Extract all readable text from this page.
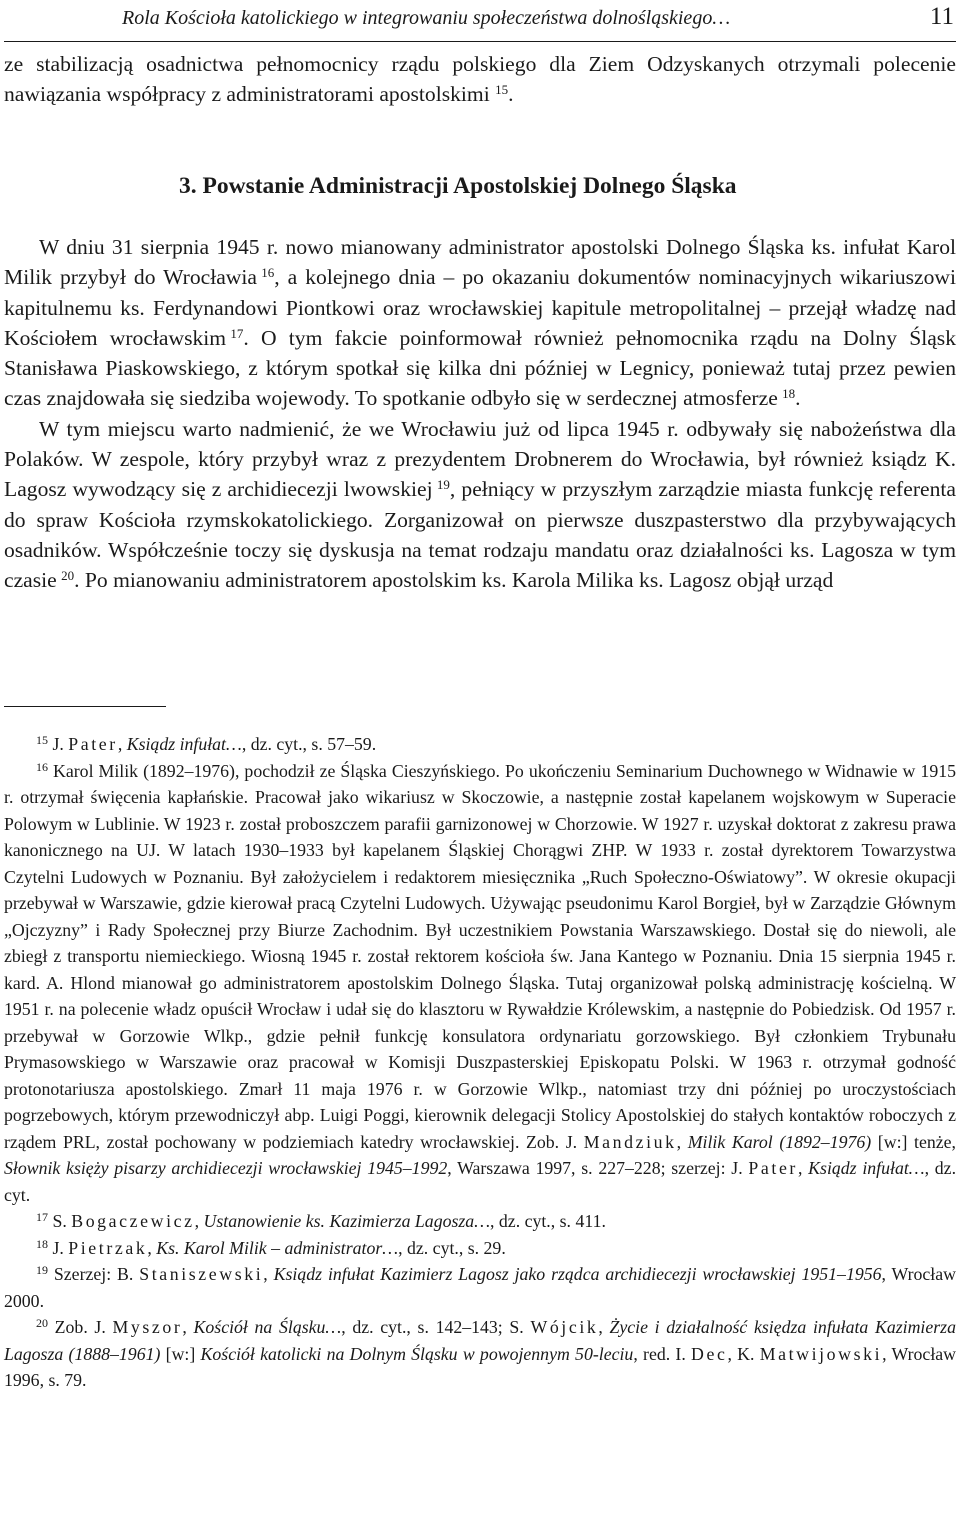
Rola Kościoła katolickiego w integrowaniu społeczeństwa dolnośląskiego…	11

ze stabilizacją osadnictwa pełnomocnicy rządu polskiego dla Ziem Odzyskanych otrzymali polecenie nawiązania współpracy z administratorami apostolskimi $^{15}$.

3. Powstanie Administracji Apostolskiej Dolnego Śląska

W dniu 31 sierpnia 1945 r. nowo mianowany administrator apostolski Dolnego Śląska ks. infułat Karol Milik przybył do Wrocławia  $^{16}$, a kolejnego dnia – po okazaniu dokumentów nominacyjnych wikariuszowi kapitulnemu ks. Ferdynandowi Piontkowi oraz wrocławskiej kapitule metropolitalnej – przejął władzę nad Kościołem wrocławskim  $^{17}$. O tym fakcie poinformował również pełnomocnika rządu na Dolny Śląsk Stanisława Piaskowskiego, z którym spotkał się kilka dni później w Legnicy, ponieważ tutaj przez pewien czas znajdowała się siedziba wojewody. To spotkanie odbyło się w serdecznej atmosferze  $^{18}$.

W tym miejscu warto nadmienić, że we Wrocławiu już od lipca 1945 r. odbywały się nabożeństwa dla Polaków. W zespole, który przybył wraz z prezydentem Drobnerem do Wrocławia, był również ksiądz K. Lagosz wywodzący się z archidiecezji lwowskiej  $^{19}$, pełniący w przyszłym zarządzie miasta funkcję referenta do spraw Kościoła rzymskokatolickiego. Zorganizował on pierwsze duszpasterstwo dla przybywających osadników. Współcześnie toczy się dyskusja na temat rodzaju mandatu oraz działalności ks. Lagosza w tym czasie  $^{20}$. Po mianowaniu administratorem apostolskim ks. Karola Milika ks. Lagosz objął urząd

$^{15}$ J. Pater, Ksiądz infułat…, dz. cyt., s. 57–59.

$^{16}$ Karol Milik (1892–1976), pochodził ze Śląska Cieszyńskiego. Po ukończeniu Seminarium Duchownego w Widnawie w 1915 r. otrzymał święcenia kapłańskie. Pracował jako wikariusz w Skoczowie, a następnie został kapelanem wojskowym w Superacie Polowym w Lublinie. W 1923 r. został proboszczem parafii garnizonowej w Chorzowie. W 1927 r. uzyskał doktorat z zakresu prawa kanonicznego na UJ. W latach 1930–1933 był kapelanem Śląskiej Chorągwi ZHP. W 1933 r. został dyrektorem Towarzystwa Czytelni Ludowych w Poznaniu. Był założycielem i redaktorem miesięcznika „Ruch Społeczno-Oświatowy”. W okresie okupacji przebywał w Warszawie, gdzie kierował pracą Czytelni Ludowych. Używając pseudonimu Karol Borgieł, był w Zarządzie Głównym „Ojczyzny” i Rady Społecznej przy Biurze Zachodnim. Był uczestnikiem Powstania Warszawskiego. Dostał się do niewoli, ale zbiegł z transportu niemieckiego. Wiosną 1945 r. został rektorem kościoła św. Jana Kantego w Poznaniu. Dnia 15 sierpnia 1945 r. kard. A. Hlond mianował go administratorem apostolskim Dolnego Śląska. Tutaj organizował polską administrację kościelną. W 1951 r. na polecenie władz opuścił Wrocław i udał się do klasztoru w Rywałdzie Królewskim, a następnie do Pobiedzisk. Od 1957 r. przebywał w Gorzowie Wlkp., gdzie pełnił funkcję konsulatora ordynariatu gorzowskiego. Był członkiem Trybunału Prymasowskiego w Warszawie oraz pracował w Komisji Duszpasterskiej Episkopatu Polski. W 1963 r. otrzymał godność protonotariusza apostolskiego. Zmarł 11 maja 1976 r. w Gorzowie Wlkp., natomiast trzy dni później po uroczystościach pogrzebowych, którym przewodniczył abp. Luigi Poggi, kierownik delegacji Stolicy Apostolskiej do stałych kontaktów roboczych z rządem PRL, został pochowany w podziemiach katedry wrocławskiej. Zob. J. Mandziuk, Milik Karol (1892–1976) [w:] tenże, Słownik księży pisarzy archidiecezji wrocławskiej 1945–1992, Warszawa 1997, s. 227–228; szerzej: J. Pater, Ksiądz infułat…, dz. cyt.

$^{17}$ S. Bogaczewicz, Ustanowienie ks. Kazimierza Lagosza…, dz. cyt., s. 411.

$^{18}$ J. Pietrzak, Ks. Karol Milik – administrator…, dz. cyt., s. 29.

$^{19}$ Szerzej: B. Staniszewski, Ksiądz infułat Kazimierz Lagosz jako rządca archidiecezji wrocławskiej 1951–1956, Wrocław 2000.

$^{20}$ Zob. J. Myszor, Kościół na Śląsku…, dz. cyt., s. 142–143; S. Wójcik, Życie i działalność księdza infułata Kazimierza Lagosza (1888–1961) [w:] Kościół katolicki na Dolnym Śląsku w powojennym 50-leciu, red. I. Dec, K. Matwijowski, Wrocław 1996, s. 79.
